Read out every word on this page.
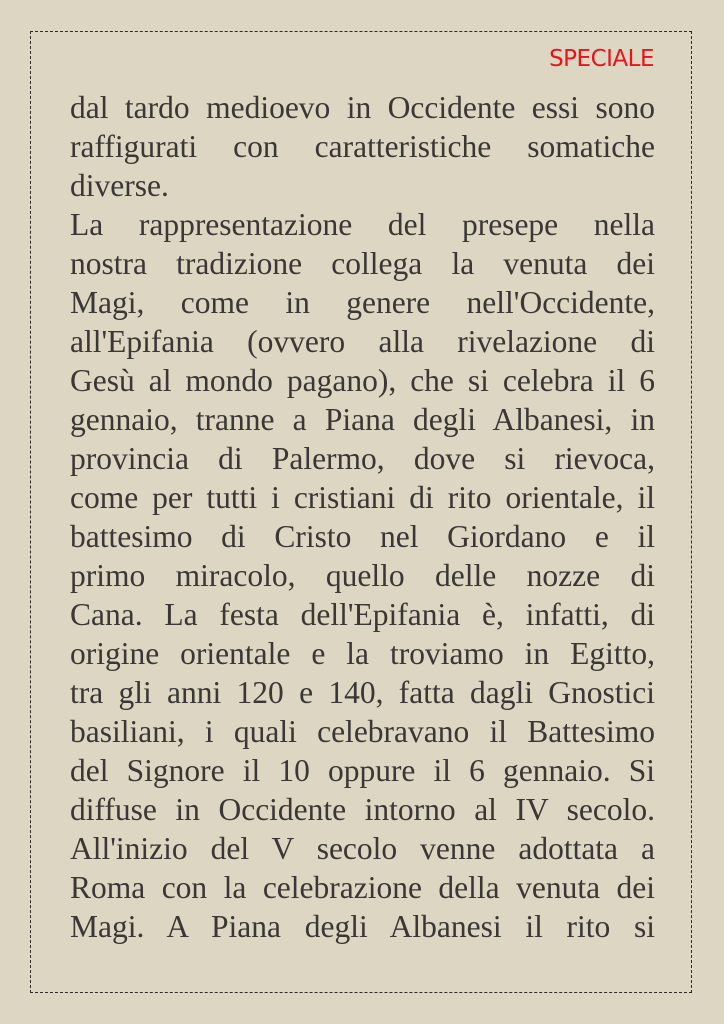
SPECIALE
dal tardo medioevo in Occidente essi sono
raffigurati con caratteristiche somatiche
diverse.
La rappresentazione del presepe nella
nostra tradizione collega la venuta dei
Magi, come in genere nell'Occidente,
all'Epifania (ovvero alla rivelazione di
Gesù al mondo pagano), che si celebra il 6
gennaio, tranne a Piana degli Albanesi, in
provincia di Palermo, dove si rievoca,
come per tutti i cristiani di rito orientale, il
battesimo di Cristo nel Giordano e il
primo miracolo, quello delle nozze di
Cana. La festa dell'Epifania è, infatti, di
origine orientale e la troviamo in Egitto,
tra gli anni 120 e 140, fatta dagli Gnostici
basiliani, i quali celebravano il Battesimo
del Signore il 10 oppure il 6 gennaio. Si
diffuse in Occidente intorno al IV secolo.
All'inizio del V secolo venne adottata a
Roma con la celebrazione della venuta dei
Magi. A Piana degli Albanesi il rito si
